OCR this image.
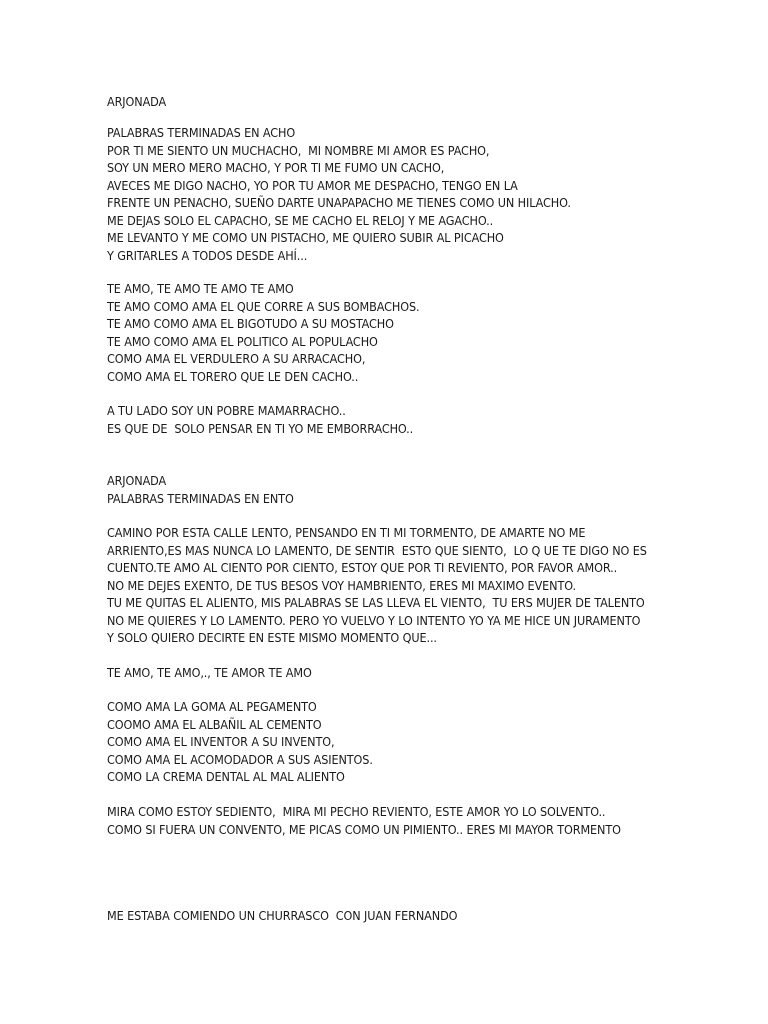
ARJONADA
PALABRAS TERMINADAS EN ACHO
POR TI ME SIENTO UN MUCHACHO,  MI NOMBRE MI AMOR ES PACHO,
SOY UN MERO MERO MACHO, Y POR TI ME FUMO UN CACHO,
AVECES ME DIGO NACHO, YO POR TU AMOR ME DESPACHO, TENGO EN LA
FRENTE UN PENACHO, SUEÑO DARTE UNAPAPACHO ME TIENES COMO UN HILACHO.
ME DEJAS SOLO EL CAPACHO, SE ME CACHO EL RELOJ Y ME AGACHO..
ME LEVANTO Y ME COMO UN PISTACHO, ME QUIERO SUBIR AL PICACHO
Y GRITARLES A TODOS DESDE AHÍ...
TE AMO, TE AMO TE AMO TE AMO
TE AMO COMO AMA EL QUE CORRE A SUS BOMBACHOS.
TE AMO COMO AMA EL BIGOTUDO A SU MOSTACHO
TE AMO COMO AMA EL POLITICO AL POPULACHO
COMO AMA EL VERDULERO A SU ARRACACHO,
COMO AMA EL TORERO QUE LE DEN CACHO..
A TU LADO SOY UN POBRE MAMARRACHO..
ES QUE DE  SOLO PENSAR EN TI YO ME EMBORRACHO..
ARJONADA
PALABRAS TERMINADAS EN ENTO
CAMINO POR ESTA CALLE LENTO, PENSANDO EN TI MI TORMENTO, DE AMARTE NO ME
ARRIENTO,ES MAS NUNCA LO LAMENTO, DE SENTIR  ESTO QUE SIENTO,  LO Q UE TE DIGO NO ES
CUENTO.TE AMO AL CIENTO POR CIENTO, ESTOY QUE POR TI REVIENTO, POR FAVOR AMOR..
NO ME DEJES EXENTO, DE TUS BESOS VOY HAMBRIENTO, ERES MI MAXIMO EVENTO.
TU ME QUITAS EL ALIENTO, MIS PALABRAS SE LAS LLEVA EL VIENTO,  TU ERS MUJER DE TALENTO
NO ME QUIERES Y LO LAMENTO. PERO YO VUELVO Y LO INTENTO YO YA ME HICE UN JURAMENTO
Y SOLO QUIERO DECIRTE EN ESTE MISMO MOMENTO QUE...
TE AMO, TE AMO,., TE AMOR TE AMO
COMO AMA LA GOMA AL PEGAMENTO
COOMO AMA EL ALBAÑIL AL CEMENTO
COMO AMA EL INVENTOR A SU INVENTO,
COMO AMA EL ACOMODADOR A SUS ASIENTOS.
COMO LA CREMA DENTAL AL MAL ALIENTO
MIRA COMO ESTOY SEDIENTO,  MIRA MI PECHO REVIENTO, ESTE AMOR YO LO SOLVENTO..
COMO SI FUERA UN CONVENTO, ME PICAS COMO UN PIMIENTO.. ERES MI MAYOR TORMENTO
ME ESTABA COMIENDO UN CHURRASCO  CON JUAN FERNANDO
